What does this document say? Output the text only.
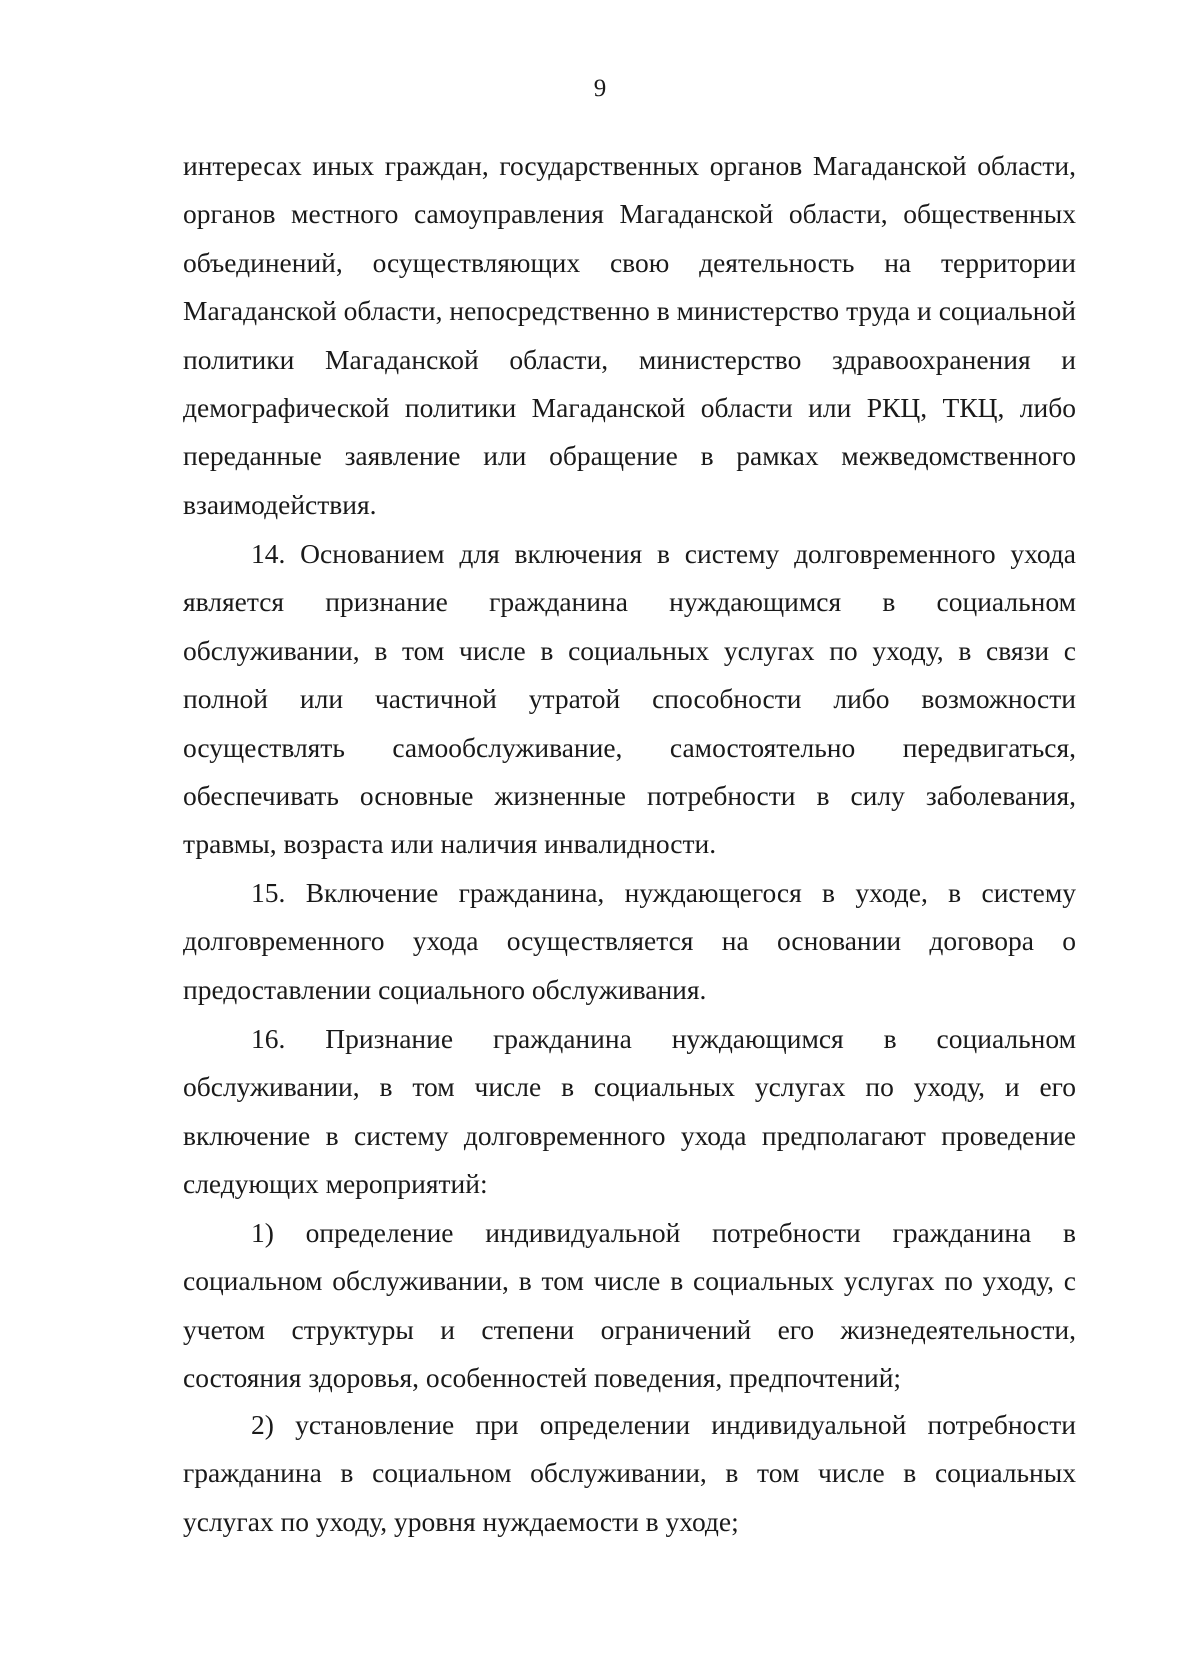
9

интересах иных граждан, государственных органов Магаданской области, органов местного самоуправления Магаданской области, общественных объединений, осуществляющих свою деятельность на территории Магаданской области, непосредственно в министерство труда и социальной политики Магаданской области, министерство здравоохранения и демографической политики Магаданской области или РКЦ, ТКЦ, либо переданные заявление или обращение в рамках межведомственного взаимодействия.

14. Основанием для включения в систему долговременного ухода является признание гражданина нуждающимся в социальном обслуживании, в том числе в социальных услугах по уходу, в связи с полной или частичной утратой способности либо возможности осуществлять самообслуживание, самостоятельно передвигаться, обеспечивать основные жизненные потребности в силу заболевания, травмы, возраста или наличия инвалидности.

15. Включение гражданина, нуждающегося в уходе, в систему долговременного ухода осуществляется на основании договора о предоставлении социального обслуживания.

16. Признание гражданина нуждающимся в социальном обслуживании, в том числе в социальных услугах по уходу, и его включение в систему долговременного ухода предполагают проведение следующих мероприятий:

1) определение индивидуальной потребности гражданина в социальном обслуживании, в том числе в социальных услугах по уходу, с учетом структуры и степени ограничений его жизнедеятельности, состояния здоровья, особенностей поведения, предпочтений;

2) установление при определении индивидуальной потребности гражданина в социальном обслуживании, в том числе в социальных услугах по уходу, уровня нуждаемости в уходе;
